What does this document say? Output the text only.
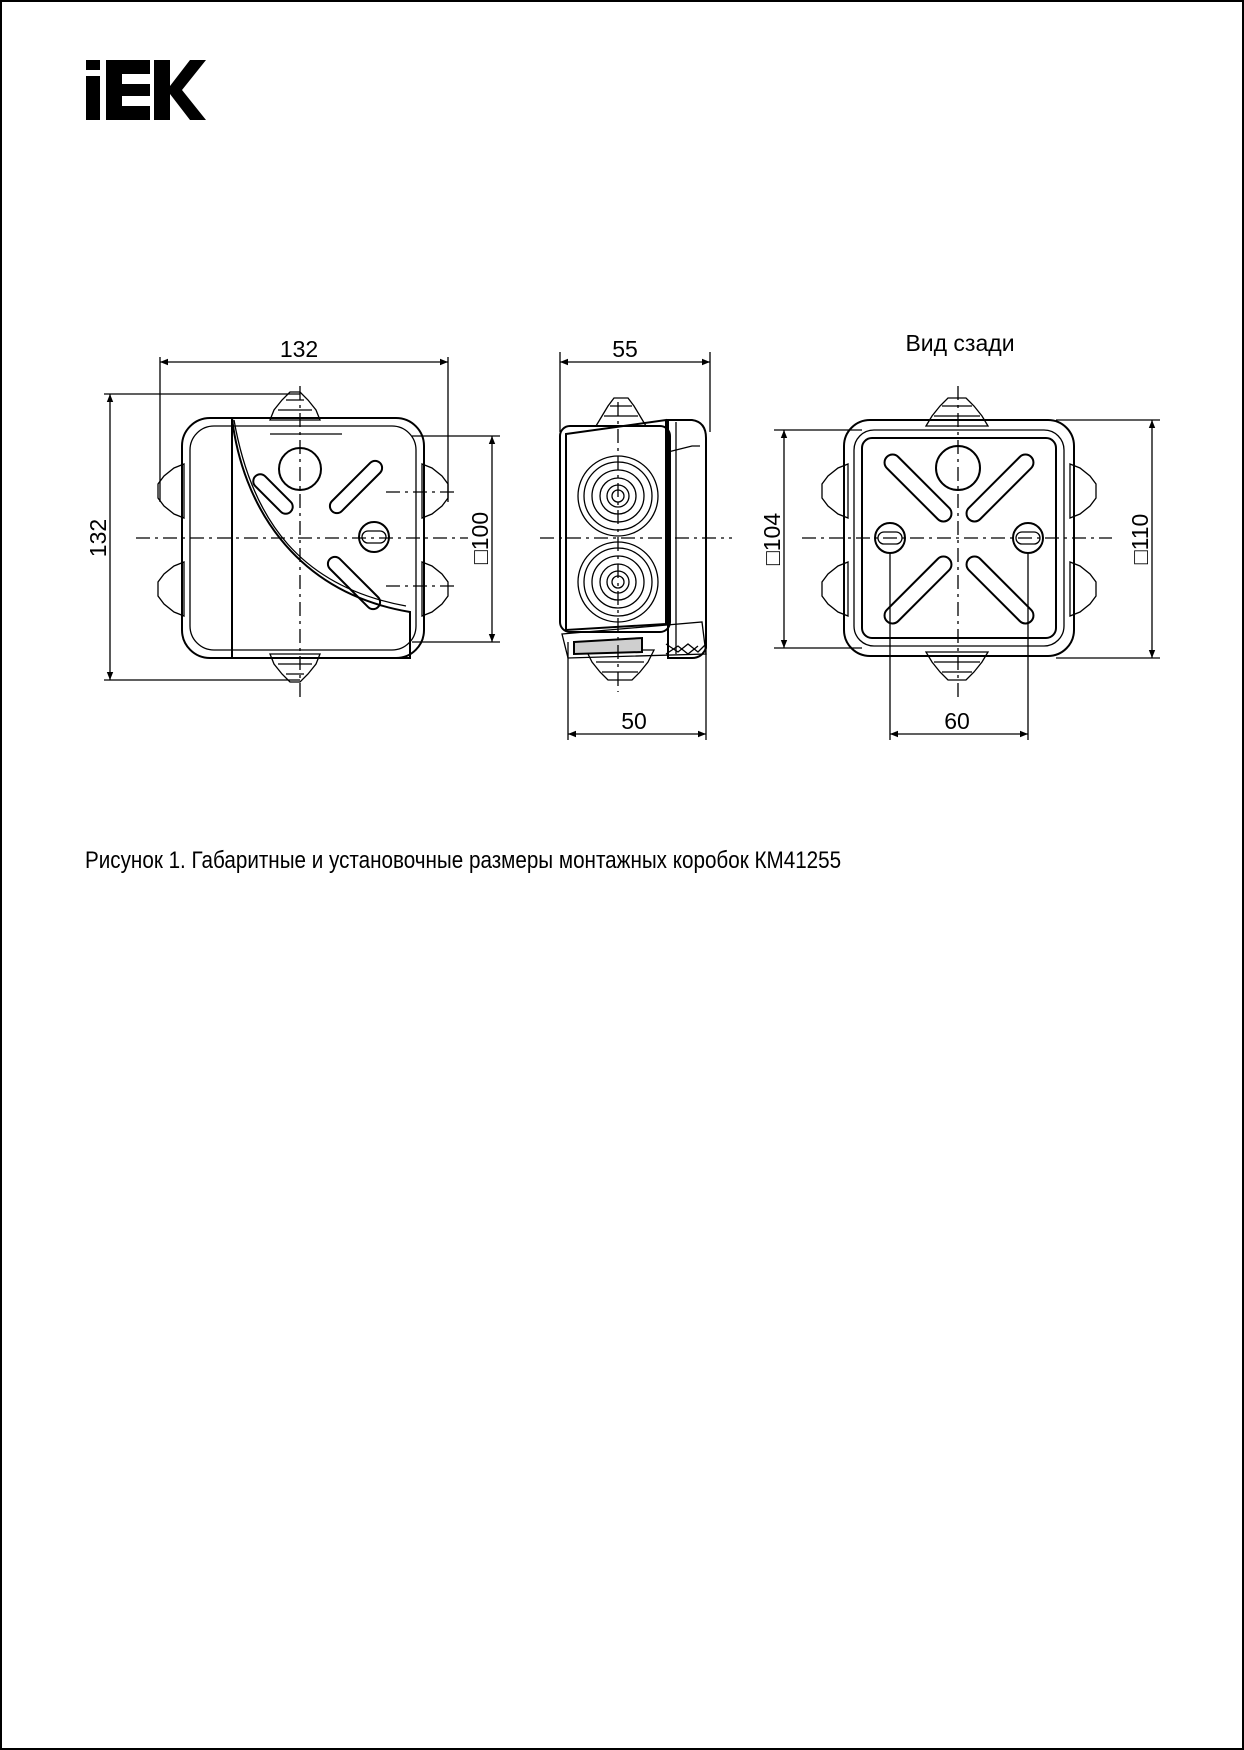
132
132	□100
55
50
Вид сзади
□104	□110
60
Рисунок 1. Габаритные и установочные размеры монтажных коробок КМ41255
